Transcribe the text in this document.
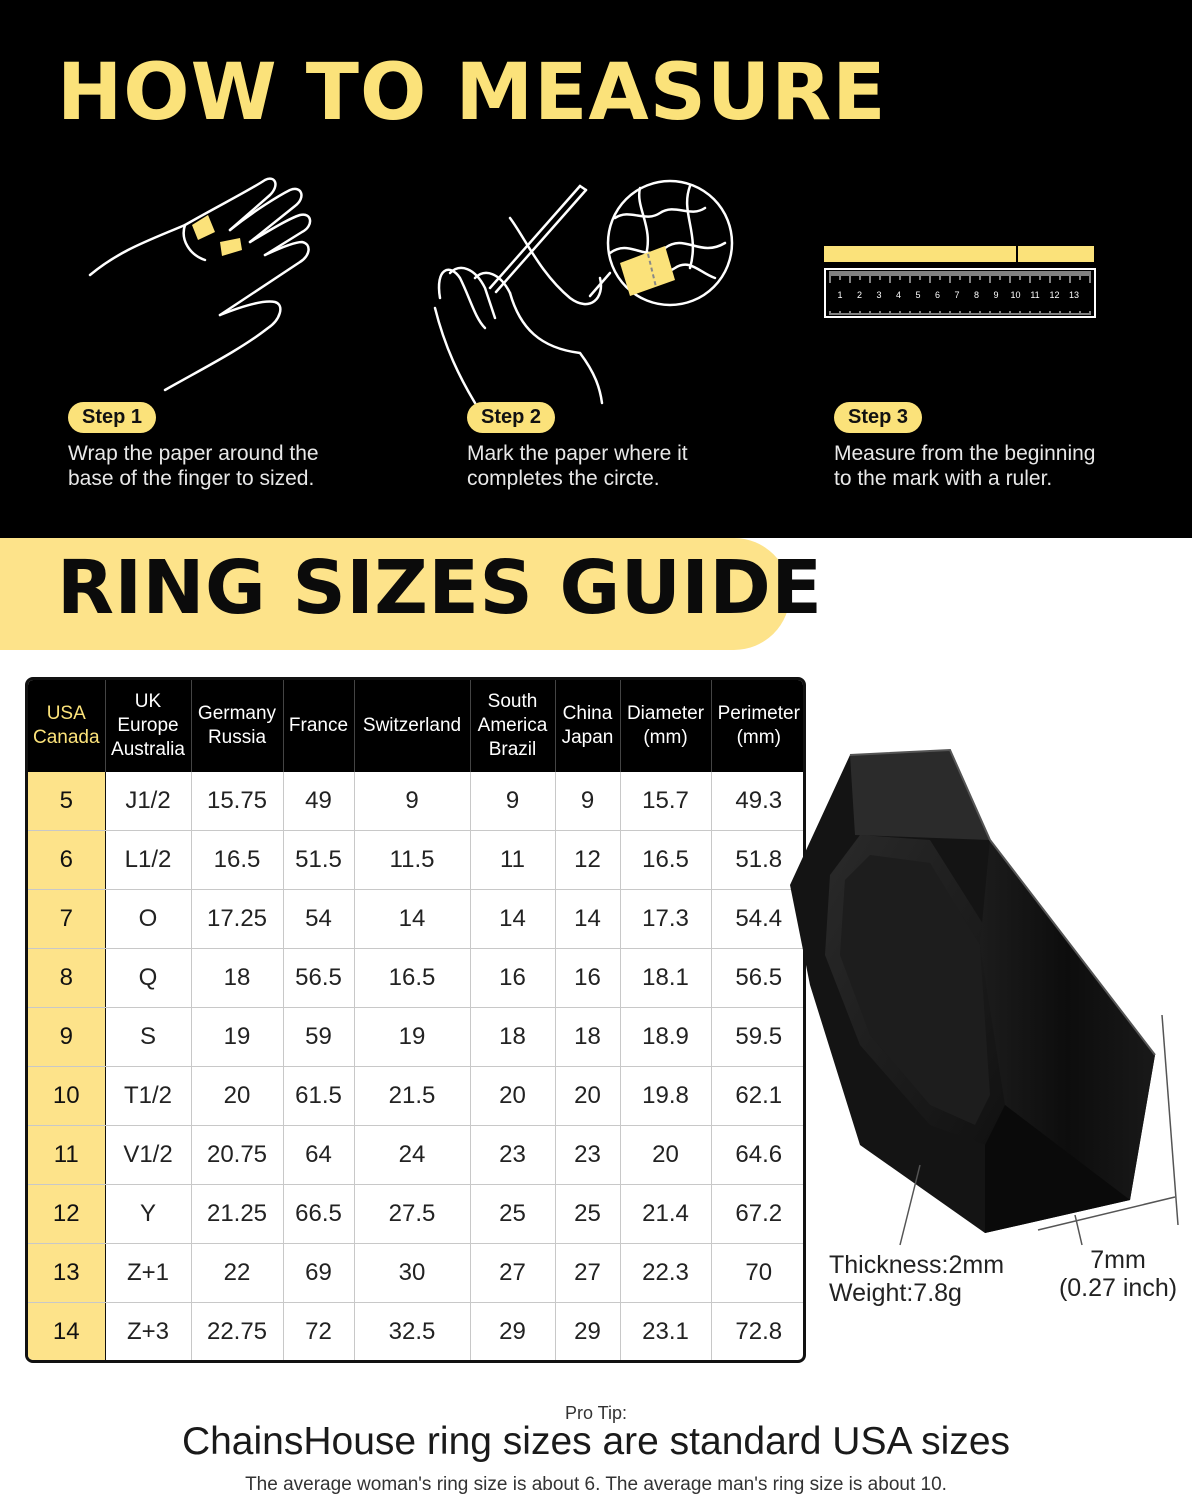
HOW TO MEASURE
1 2 3 4 5 6 7 8 9 10 11 12 13
Step 1
Wrap the paper around the
base of the finger to sized.
Step 2
Mark the paper where it
completes the circte.
Step 3
Measure from the beginning
to the mark with a ruler.
RING SIZES GUIDE
USA
Canada	UK
Europe
Australia	Germany
Russia	France	Switzerland	South
America
Brazil	China
Japan	Diameter
(mm)	Perimeter
(mm)
5	J1/2	15.75	49	9	9	9	15.7	49.3
6	L1/2	16.5	51.5	11.5	11	12	16.5	51.8
7	O	17.25	54	14	14	14	17.3	54.4
8	Q	18	56.5	16.5	16	16	18.1	56.5
9	S	19	59	19	18	18	18.9	59.5
10	T1/2	20	61.5	21.5	20	20	19.8	62.1
11	V1/2	20.75	64	24	23	23	20	64.6
12	Y	21.25	66.5	27.5	25	25	21.4	67.2
13	Z+1	22	69	30	27	27	22.3	70
14	Z+3	22.75	72	32.5	29	29	23.1	72.8
Thickness:2mm
Weight:7.8g
7mm
(0.27 inch)
Pro Tip:
ChainsHouse ring sizes are standard USA sizes
The average woman's ring size is about 6. The average man's ring size is about 10.
